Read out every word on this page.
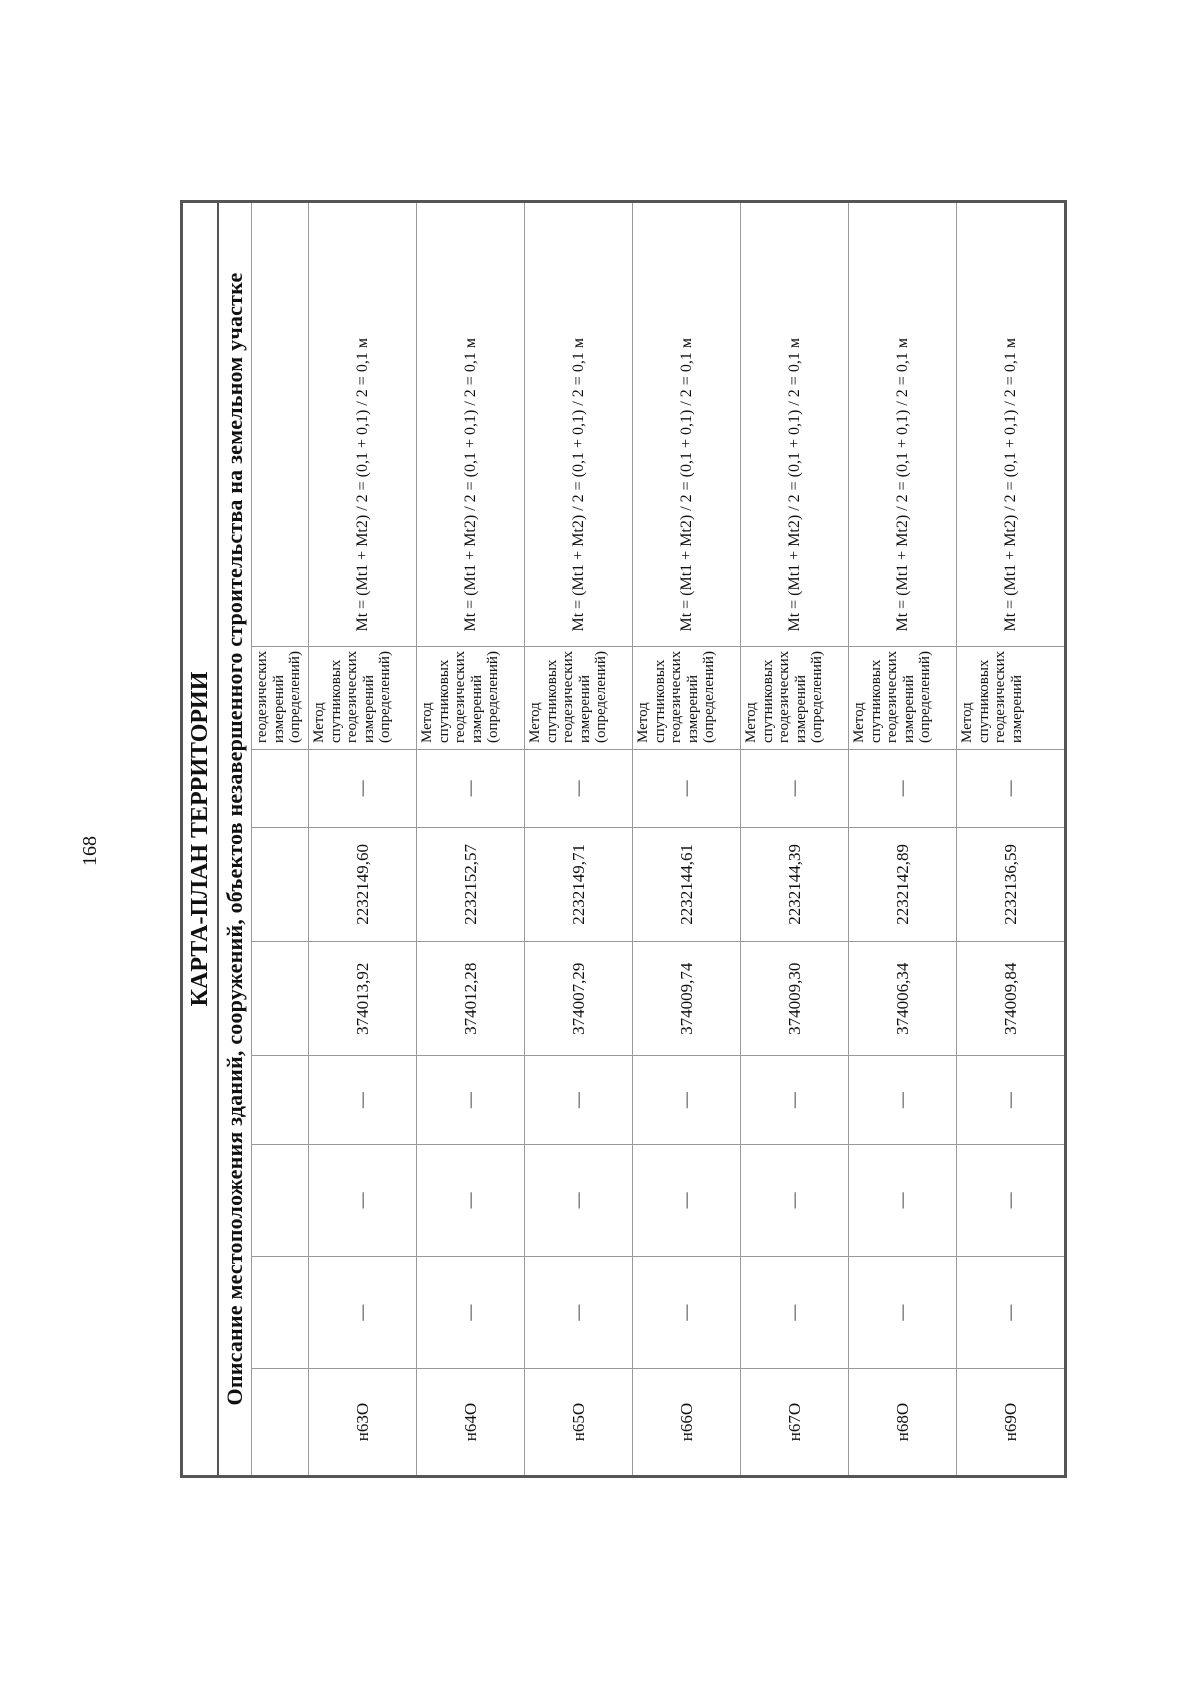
168	КАРТА-ПЛАН ТЕРРИТОРИИ								
Описание местоположения зданий, сооружений, объектов незавершенного строительства на земельном участке								
							геодезических
измерений
(определений)	
н63О	—	—	—	374013,92	2232149,60	—	Метод
спутниковых
геодезических
измерений
(определений)	Mt = (Mt1 + Mt2) / 2 = (0,1 + 0,1) / 2 = 0,1 м
н64О	—	—	—	374012,28	2232152,57	—	Метод
спутниковых
геодезических
измерений
(определений)	Mt = (Mt1 + Mt2) / 2 = (0,1 + 0,1) / 2 = 0,1 м
н65О	—	—	—	374007,29	2232149,71	—	Метод
спутниковых
геодезических
измерений
(определений)	Mt = (Mt1 + Mt2) / 2 = (0,1 + 0,1) / 2 = 0,1 м
н66О	—	—	—	374009,74	2232144,61	—	Метод
спутниковых
геодезических
измерений
(определений)	Mt = (Mt1 + Mt2) / 2 = (0,1 + 0,1) / 2 = 0,1 м
н67О	—	—	—	374009,30	2232144,39	—	Метод
спутниковых
геодезических
измерений
(определений)	Mt = (Mt1 + Mt2) / 2 = (0,1 + 0,1) / 2 = 0,1 м
н68О	—	—	—	374006,34	2232142,89	—	Метод
спутниковых
геодезических
измерений
(определений)	Mt = (Mt1 + Mt2) / 2 = (0,1 + 0,1) / 2 = 0,1 м
н69О	—	—	—	374009,84	2232136,59	—	Метод
спутниковых
геодезических
измерений	Mt = (Mt1 + Mt2) / 2 = (0,1 + 0,1) / 2 = 0,1 м
